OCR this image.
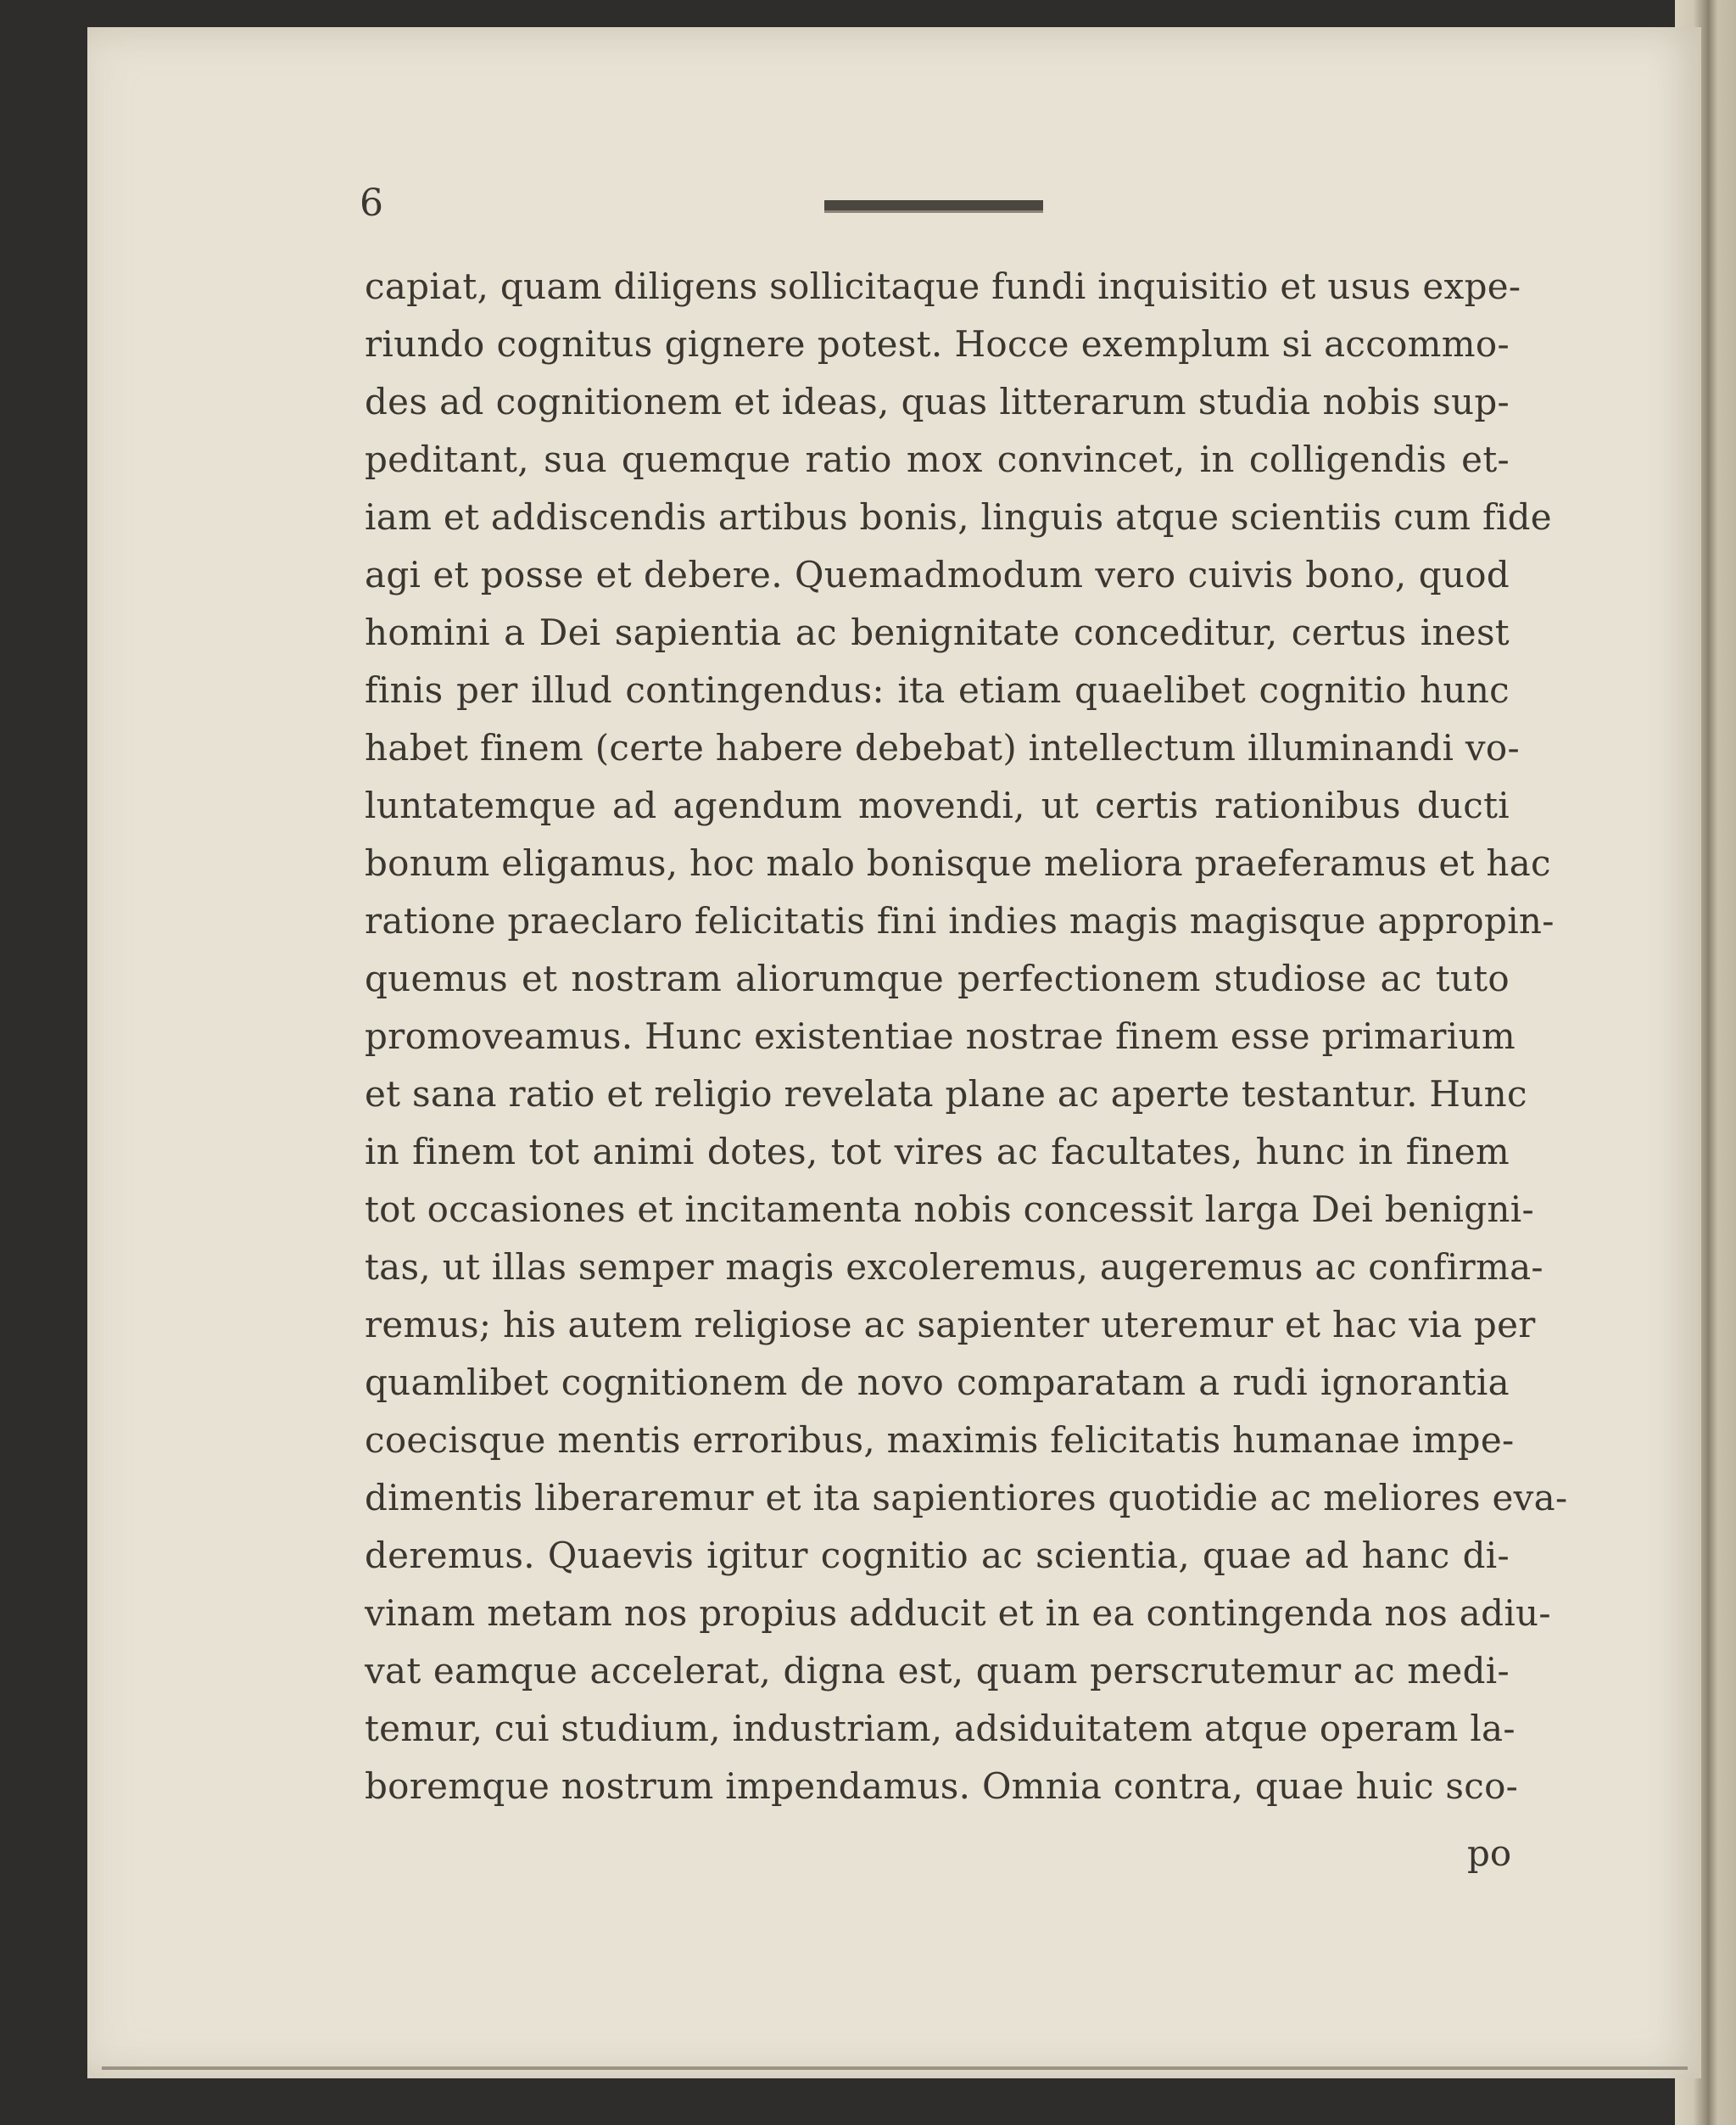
6
capiat, quam diligens sollicitaque fundi inquisitio et usus expe-
riundo cognitus gignere potest. Hocce exemplum si accommo-
des ad cognitionem et ideas, quas litterarum studia nobis sup-
peditant, sua quemque ratio mox convincet, in colligendis et-
iam et addiscendis artibus bonis, linguis atque scientiis cum fide
agi et posse et debere. Quemadmodum vero cuivis bono, quod
homini a Dei sapientia ac benignitate conceditur, certus inest
finis per illud contingendus: ita etiam quaelibet cognitio hunc
habet finem (certe habere debebat) intellectum illuminandi vo-
luntatemque ad agendum movendi, ut certis rationibus ducti
bonum eligamus, hoc malo bonisque meliora praeferamus et hac
ratione praeclaro felicitatis fini indies magis magisque appropin-
quemus et nostram aliorumque perfectionem studiose ac tuto
promoveamus. Hunc existentiae nostrae finem esse primarium
et sana ratio et religio revelata plane ac aperte testantur. Hunc
in finem tot animi dotes, tot vires ac facultates, hunc in finem
tot occasiones et incitamenta nobis concessit larga Dei benigni-
tas, ut illas semper magis excoleremus, augeremus ac confirma-
remus; his autem religiose ac sapienter uteremur et hac via per
quamlibet cognitionem de novo comparatam a rudi ignorantia
coecisque mentis erroribus, maximis felicitatis humanae impe-
dimentis liberaremur et ita sapientiores quotidie ac meliores eva-
deremus. Quaevis igitur cognitio ac scientia, quae ad hanc di-
vinam metam nos propius adducit et in ea contingenda nos adiu-
vat eamque accelerat, digna est, quam perscrutemur ac medi-
temur, cui studium, industriam, adsiduitatem atque operam la-
boremque nostrum impendamus. Omnia contra, quae huic sco-
po
